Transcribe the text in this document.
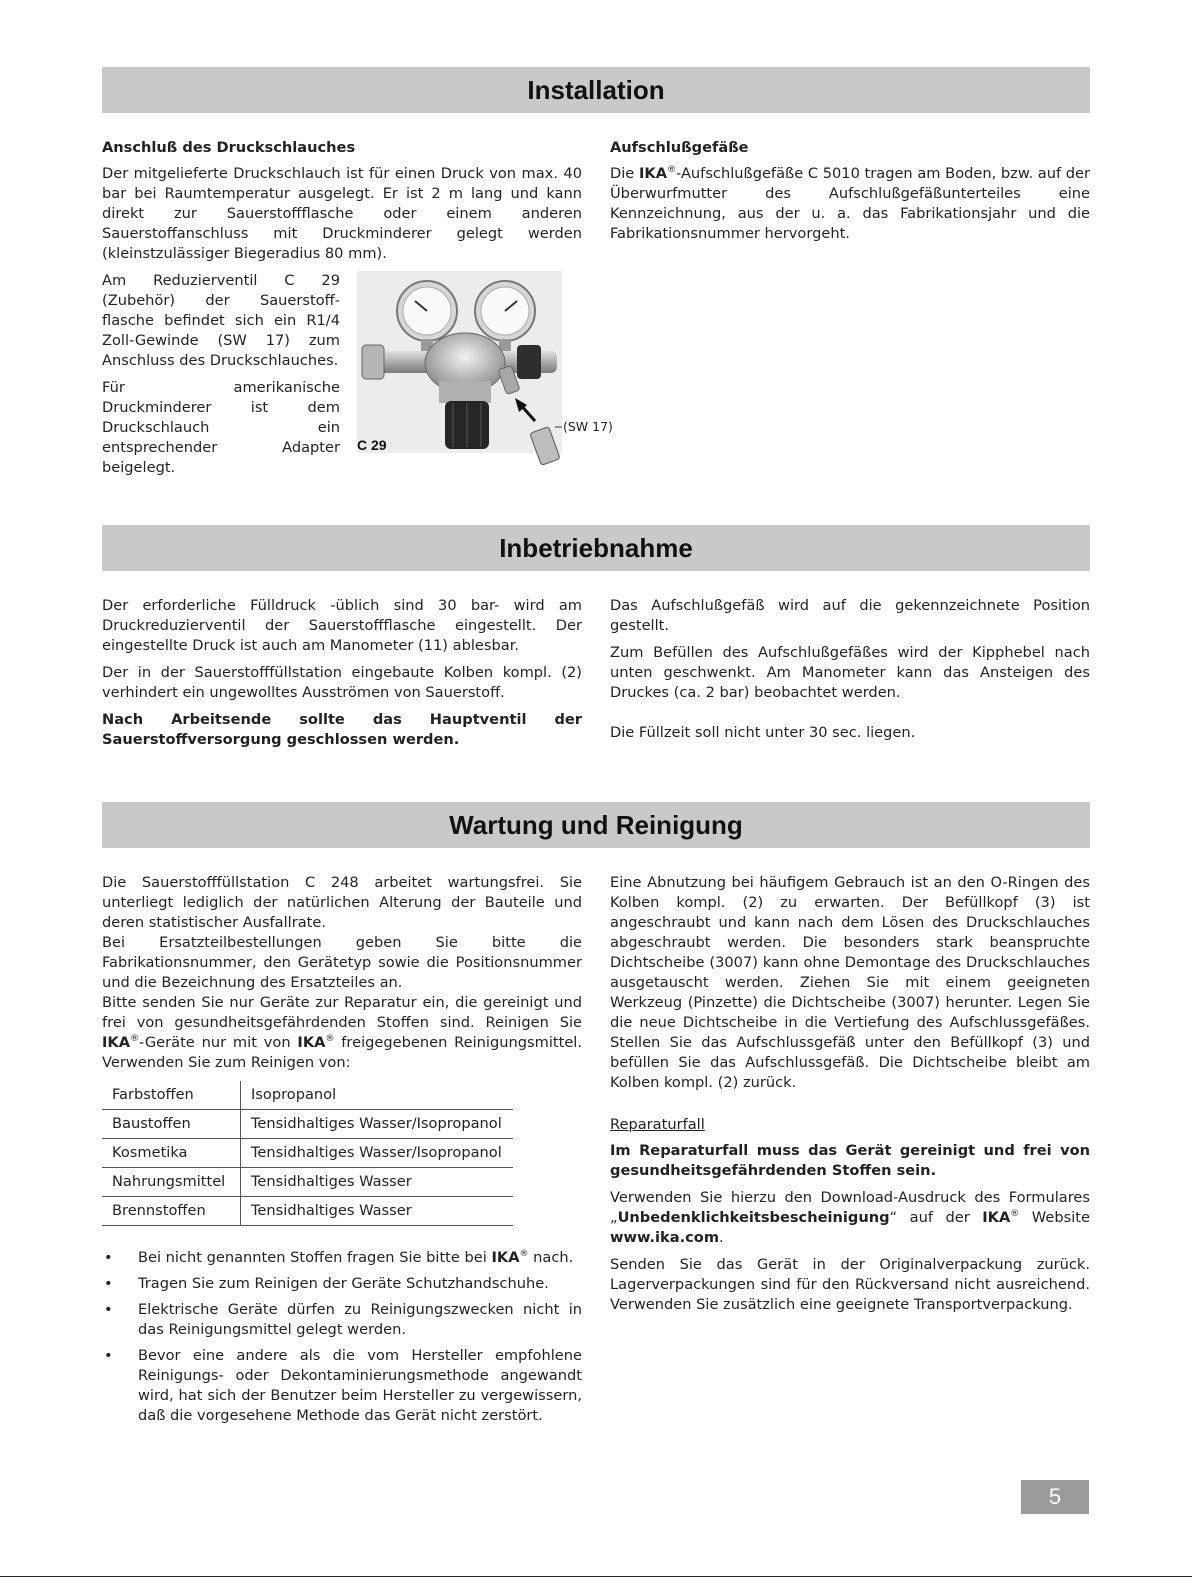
Installation

Anschluß des Druckschlauches

Der mitgelieferte Druckschlauch ist für einen Druck von max. 40 bar bei Raumtemperatur ausgelegt. Er ist 2 m lang und kann direkt zur Sauerstoffflasche oder einem anderen Sauerstoffanschluss mit Druckminderer gelegt werden (kleinstzulässiger Biegeradius 80 mm).

Am Reduzierventil C 29 (Zubehör) der Sauerstoff- flasche befindet sich ein R1/4 Zoll-Gewinde (SW 17) zum Anschluss des Druckschlauches.

Für amerikanische Druckminderer ist dem Druckschlauch ein entsprechender Adapter beigelegt.

C 29
(SW 17)

Aufschlußgefäße

Die IKA®-Aufschlußgefäße C 5010 tragen am Boden, bzw. auf der Überwurfmutter des Aufschlußgefäßunterteiles eine Kennzeichnung, aus der u. a. das Fabrikationsjahr und die Fabrikationsnummer hervorgeht.

Inbetriebnahme

Der erforderliche Fülldruck -üblich sind 30 bar- wird am Druckreduzierventil der Sauerstoffflasche eingestellt. Der eingestellte Druck ist auch am Manometer (11) ablesbar.

Der in der Sauerstofffüllstation eingebaute Kolben kompl. (2) verhindert ein ungewolltes Ausströmen von Sauerstoff.

Nach Arbeitsende sollte das Hauptventil der Sauerstoffversorgung geschlossen werden.

Das Aufschlußgefäß wird auf die gekennzeichnete Position gestellt.

Zum Befüllen des Aufschlußgefäßes wird der Kipphebel nach unten geschwenkt. Am Manometer kann das Ansteigen des Druckes (ca. 2 bar) beobachtet werden.

Die Füllzeit soll nicht unter 30 sec. liegen.

Wartung und Reinigung

Die Sauerstofffüllstation C 248 arbeitet wartungsfrei. Sie unterliegt lediglich der natürlichen Alterung der Bauteile und deren statistischer Ausfallrate.

Bei Ersatzteilbestellungen geben Sie bitte die Fabrikationsnummer, den Gerätetyp sowie die Positionsnummer und die Bezeichnung des Ersatzteiles an.

Bitte senden Sie nur Geräte zur Reparatur ein, die gereinigt und frei von gesundheitsgefährdenden Stoffen sind. Reinigen Sie IKA®-Geräte nur mit von IKA® freigegebenen Reinigungsmittel. Verwenden Sie zum Reinigen von:

Farbstoffen	Isopropanol
Baustoffen	Tensidhaltiges Wasser/Isopropanol
Kosmetika	Tensidhaltiges Wasser/Isopropanol
Nahrungsmittel	Tensidhaltiges Wasser
Brennstoffen	Tensidhaltiges Wasser
• Bei nicht genannten Stoffen fragen Sie bitte bei IKA® nach.
• Tragen Sie zum Reinigen der Geräte Schutzhandschuhe.
• Elektrische Geräte dürfen zu Reinigungszwecken nicht in das Reinigungsmittel gelegt werden.
• Bevor eine andere als die vom Hersteller empfohlene Reinigungs- oder Dekontaminierungsmethode angewandt wird, hat sich der Benutzer beim Hersteller zu vergewissern, daß die vorgesehene Methode das Gerät nicht zerstört.

Eine Abnutzung bei häufigem Gebrauch ist an den O-Ringen des Kolben kompl. (2) zu erwarten. Der Befüllkopf (3) ist angeschraubt und kann nach dem Lösen des Druckschlauches abgeschraubt werden. Die besonders stark beanspruchte Dichtscheibe (3007) kann ohne Demontage des Druckschlauches ausgetauscht werden. Ziehen Sie mit einem geeigneten Werkzeug (Pinzette) die Dichtscheibe (3007) herunter. Legen Sie die neue Dichtscheibe in die Vertiefung des Aufschlussgefäßes. Stellen Sie das Aufschlussgefäß unter den Befüllkopf (3) und befüllen Sie das Aufschlussgefäß. Die Dichtscheibe bleibt am Kolben kompl. (2) zurück.

Reparaturfall

Im Reparaturfall muss das Gerät gereinigt und frei von gesundheitsgefährdenden Stoffen sein.

Verwenden Sie hierzu den Download-Ausdruck des Formulares „Unbedenklichkeitsbescheinigung“ auf der IKA® Website www.ika.com.

Senden Sie das Gerät in der Originalverpackung zurück. Lagerverpackungen sind für den Rückversand nicht ausreichend. Verwenden Sie zusätzlich eine geeignete Transportverpackung.

5
